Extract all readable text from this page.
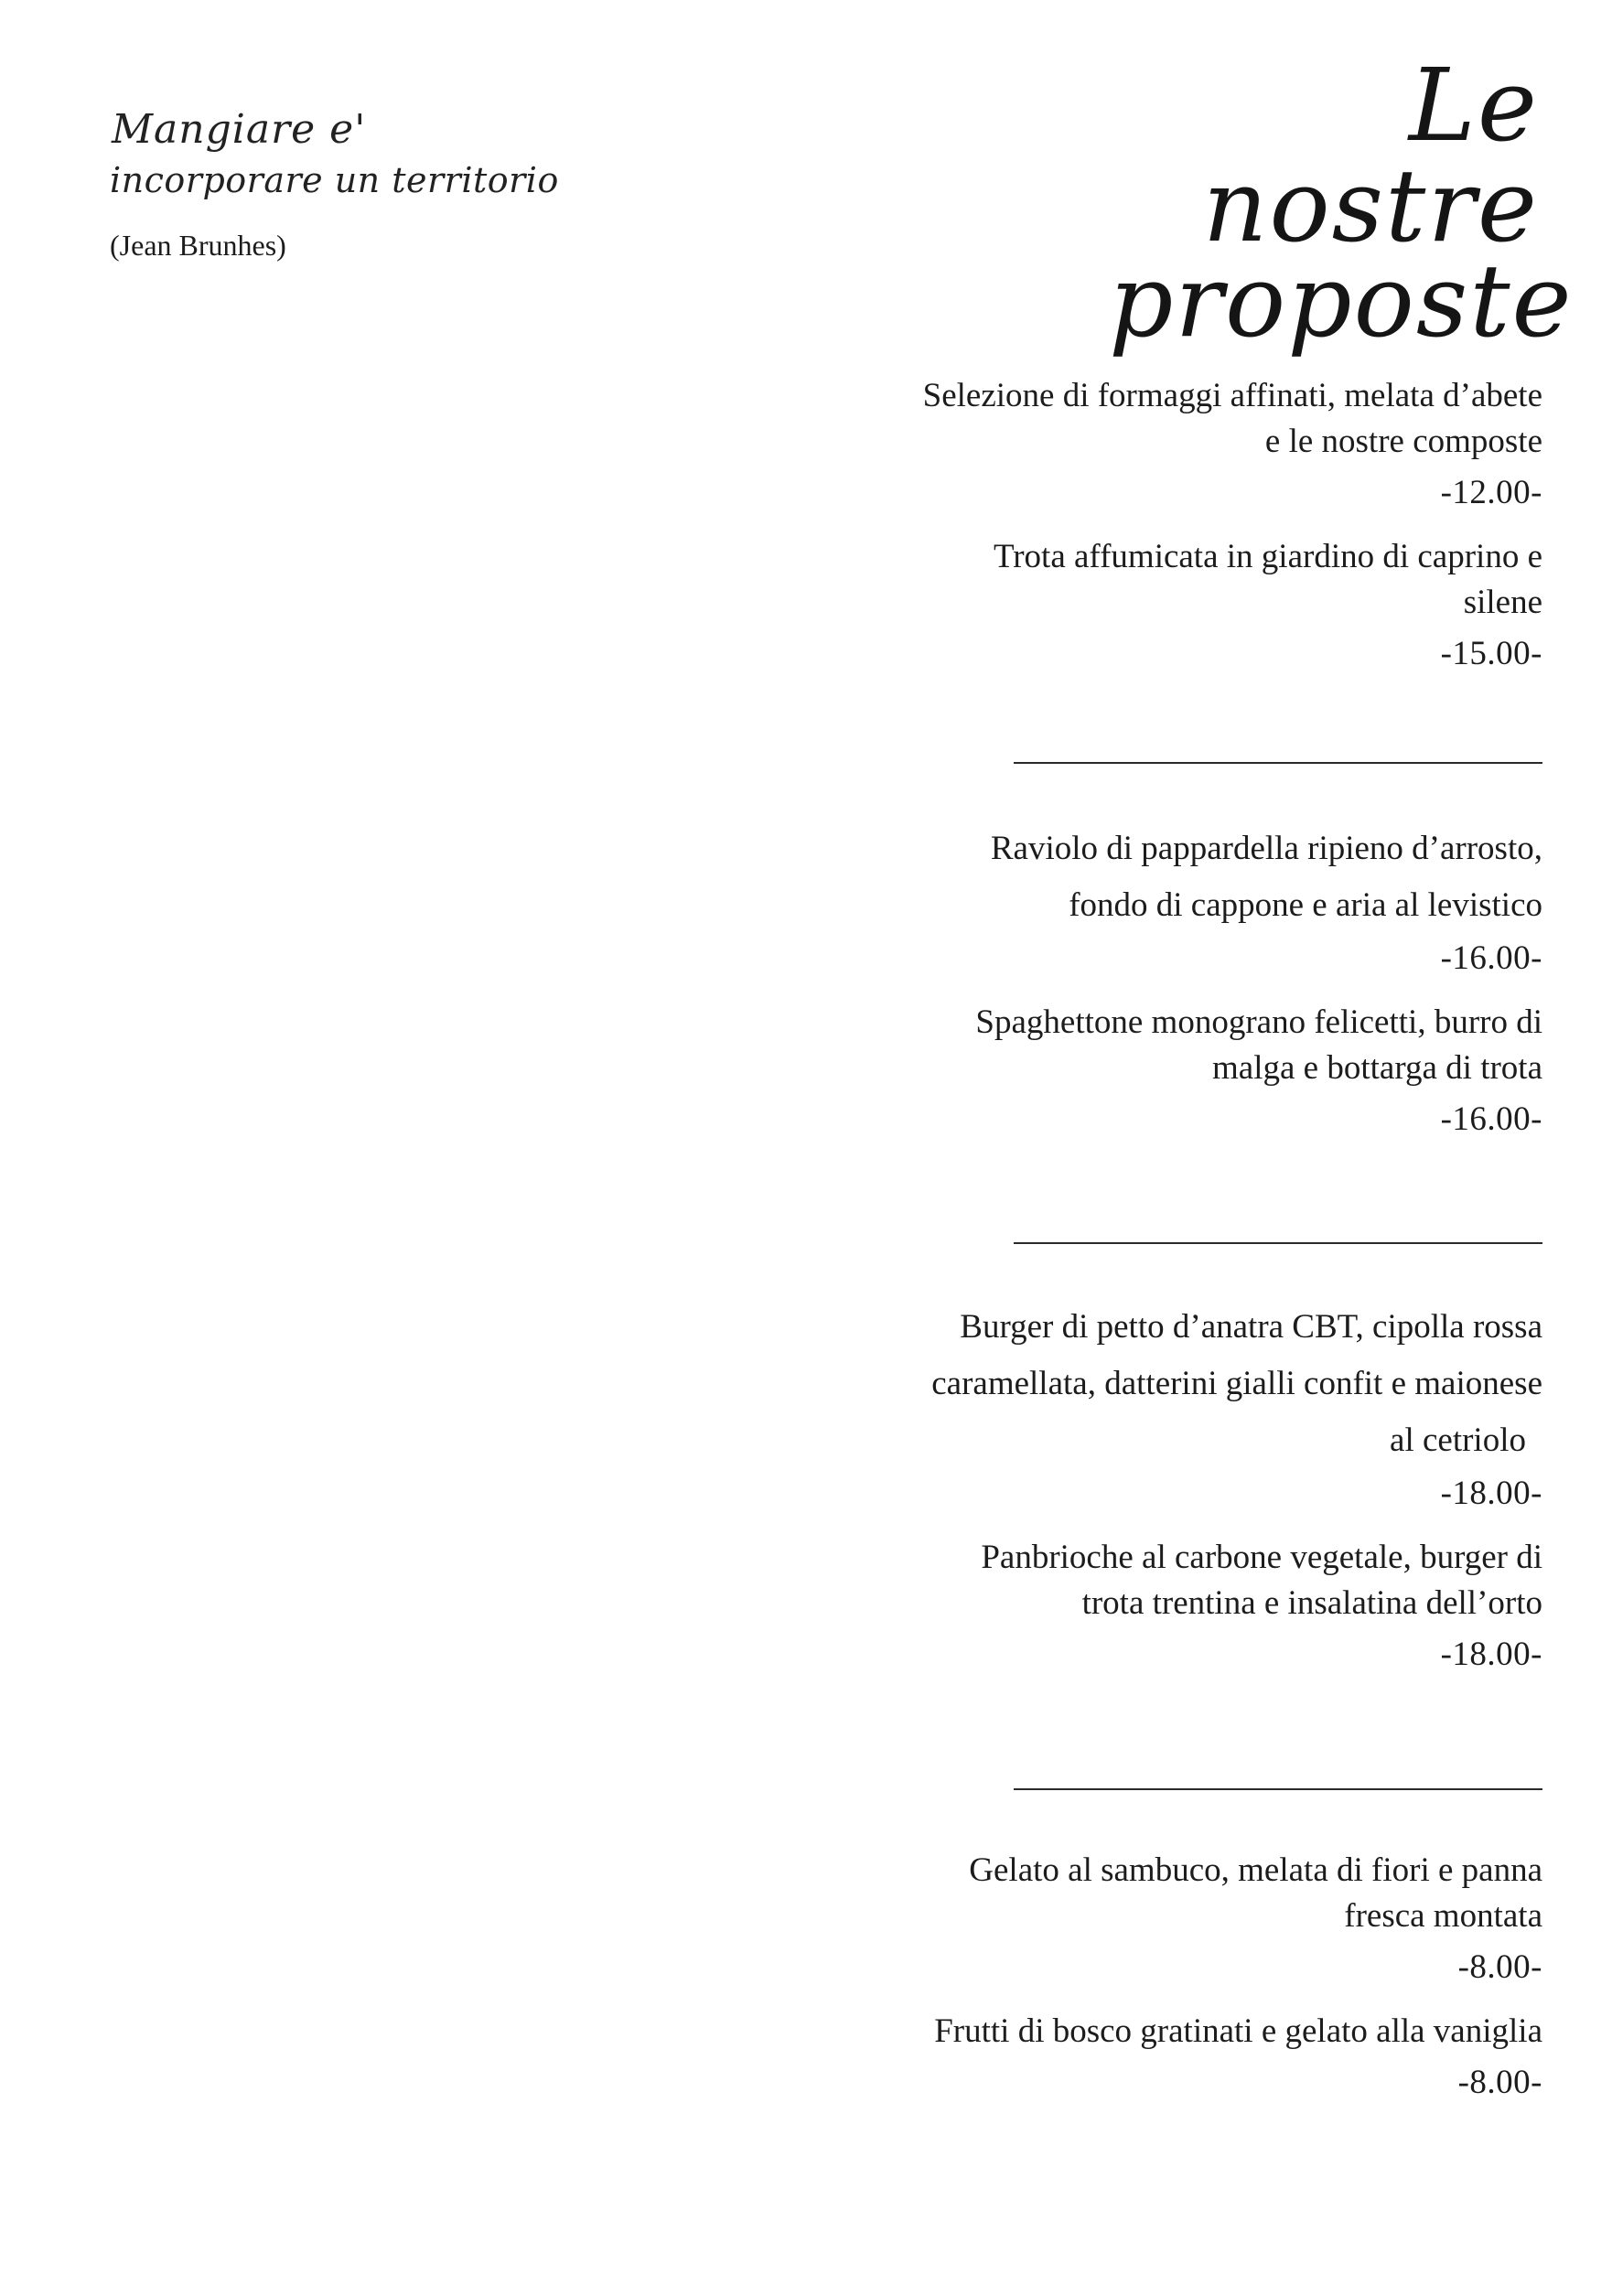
Mangiare e'
incorporare un territorio
(Jean Brunhes)
Le nostre
proposte
Selezione di formaggi affinati, melata d’abete
e le nostre composte
-12.00-
Trota affumicata in giardino di caprino e
silene
-15.00-
Raviolo di pappardella ripieno d’arrosto,
fondo di cappone e aria al levistico
-16.00-
Spaghettone monograno felicetti, burro di
malga e bottarga di trota
-16.00-
Burger di petto d’anatra CBT, cipolla rossa
caramellata, datterini gialli confit e maionese
al cetriolo
-18.00-
Panbrioche al carbone vegetale, burger di
trota trentina e insalatina dell’orto
-18.00-
Gelato al sambuco, melata di fiori e panna
fresca montata
-8.00-
Frutti di bosco gratinati e gelato alla vaniglia
-8.00-
